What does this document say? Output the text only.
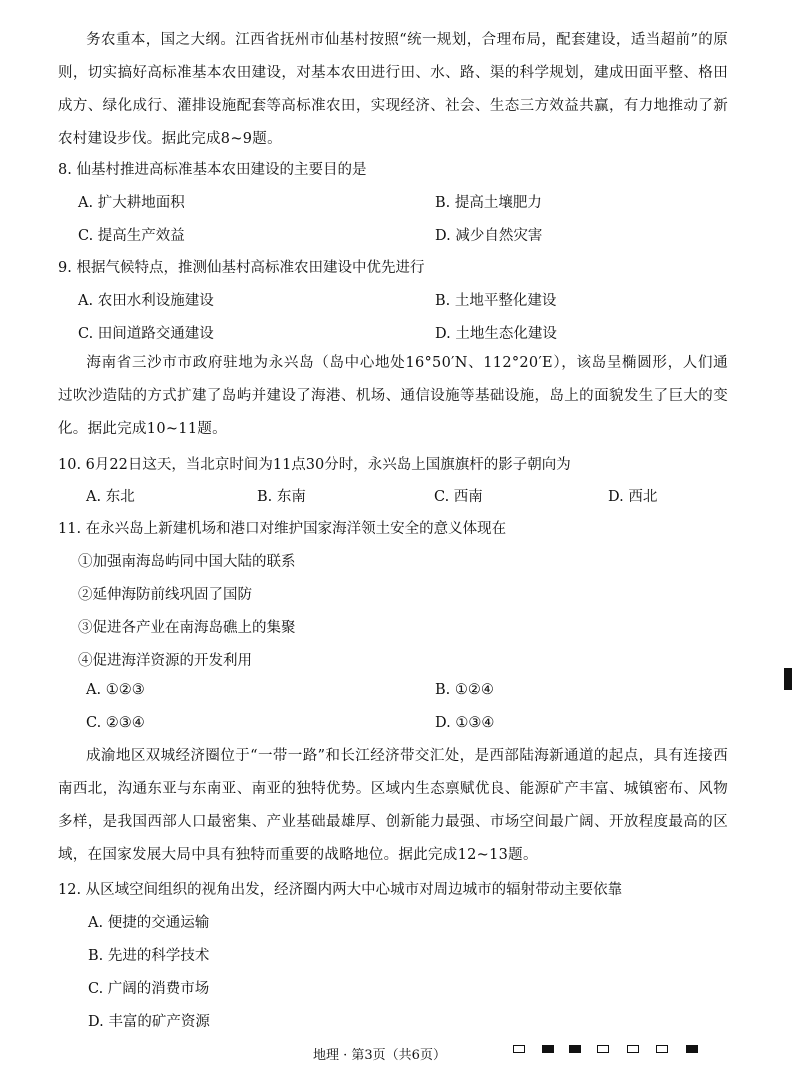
务农重本，国之大纲。江西省抚州市仙基村按照“统一规划，合理布局，配套建设，适当超前”的原则，切实搞好高标准基本农田建设，对基本农田进行田、水、路、渠的科学规划，建成田面平整、格田成方、绿化成行、灌排设施配套等高标准农田，实现经济、社会、生态三方效益共赢，有力地推动了新农村建设步伐。据此完成8~9题。

8. 仙基村推进高标准基本农田建设的主要目的是

A. 扩大耕地面积	B. 提高土壤肥力

C. 提高生产效益	D. 减少自然灾害

9. 根据气候特点，推测仙基村高标准农田建设中优先进行

A. 农田水利设施建设	B. 土地平整化建设

C. 田间道路交通建设	D. 土地生态化建设

海南省三沙市市政府驻地为永兴岛（岛中心地处16°50′N、112°20′E），该岛呈椭圆形，人们通过吹沙造陆的方式扩建了岛屿并建设了海港、机场、通信设施等基础设施，岛上的面貌发生了巨大的变化。据此完成10~11题。

10. 6月22日这天，当北京时间为11点30分时，永兴岛上国旗旗杆的影子朝向为

A. 东北	B. 东南	C. 西南	D. 西北

11. 在永兴岛上新建机场和港口对维护国家海洋领土安全的意义体现在

①加强南海岛屿同中国大陆的联系

②延伸海防前线巩固了国防

③促进各产业在南海岛礁上的集聚

④促进海洋资源的开发利用

A. ①②③	B. ①②④

C. ②③④	D. ①③④

成渝地区双城经济圈位于“一带一路”和长江经济带交汇处，是西部陆海新通道的起点，具有连接西南西北，沟通东亚与东南亚、南亚的独特优势。区域内生态禀赋优良、能源矿产丰富、城镇密布、风物多样，是我国西部人口最密集、产业基础最雄厚、创新能力最强、市场空间最广阔、开放程度最高的区域，在国家发展大局中具有独特而重要的战略地位。据此完成12~13题。

12. 从区域空间组织的视角出发，经济圈内两大中心城市对周边城市的辐射带动主要依靠

A. 便捷的交通运输

B. 先进的科学技术

C. 广阔的消费市场

D. 丰富的矿产资源

地理 · 第3页（共6页）
